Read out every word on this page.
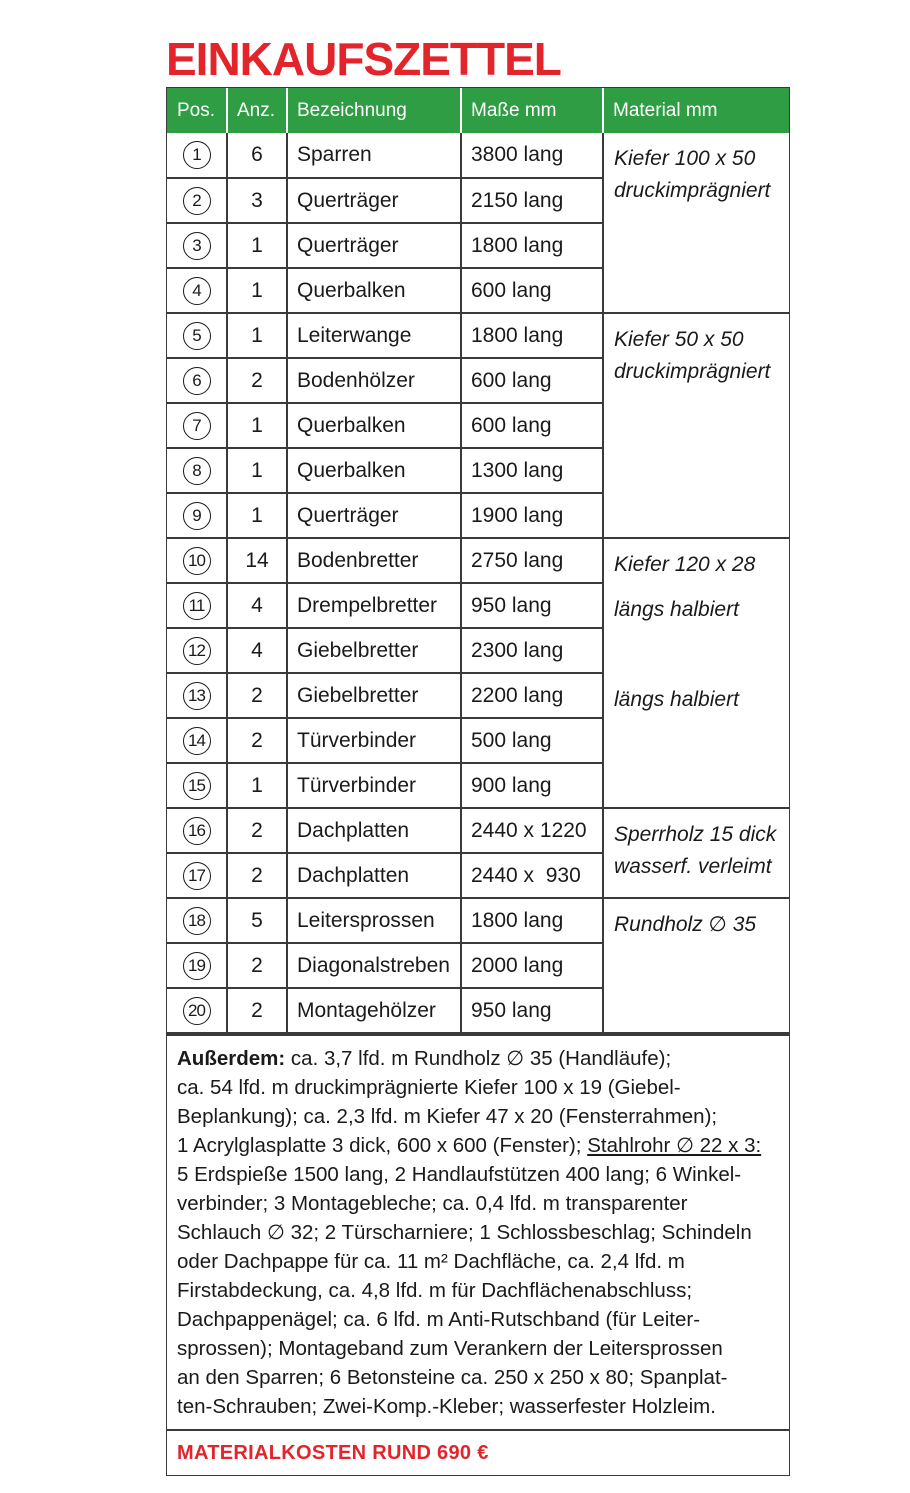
EINKAUFSZETTEL
Pos.	Anz.	Bezeichnung	Maße mm	Material mm
1	6	Sparren	3800 lang	Kiefer 100 x 50
druckimprägniert

2	3	Querträger	2150 lang	
3	1	Querträger	1800 lang	
4	1	Querbalken	600 lang	
5	1	Leiterwange	1800 lang	Kiefer 50 x 50
druckimprägniert

6	2	Bodenhölzer	600 lang	
7	1	Querbalken	600 lang	
8	1	Querbalken	1300 lang	
9	1	Querträger	1900 lang	
10	14	Bodenbretter	2750 lang	Kiefer 120 x 28
längs halbiert
längs halbiert

11	4	Drempelbretter	950 lang	
12	4	Giebelbretter	2300 lang	
13	2	Giebelbretter	2200 lang	
14	2	Türverbinder	500 lang	
15	1	Türverbinder	900 lang	
16	2	Dachplatten	2440 x 1220	Sperrholz 15 dick
wasserf. verleimt

17	2	Dachplatten	2440 x  930	
18	5	Leitersprossen	1800 lang	Rundholz ∅ 35

19	2	Diagonalstreben	2000 lang	
20	2	Montagehölzer	950 lang	
Außerdem: ca. 3,7 lfd. m Rundholz ∅ 35 (Handläufe);
ca. 54 lfd. m druckimprägnierte Kiefer 100 x 19 (Giebel-
Beplankung); ca. 2,3 lfd. m Kiefer 47 x 20 (Fensterrahmen);
1 Acrylglasplatte 3 dick, 600 x 600 (Fenster); Stahlrohr ∅ 22 x 3:
5 Erdspieße 1500 lang, 2 Handlaufstützen 400 lang; 6 Winkel-
verbinder; 3 Montagebleche; ca. 0,4 lfd. m transparenter
Schlauch ∅ 32; 2 Türscharniere; 1 Schlossbeschlag; Schindeln
oder Dachpappe für ca. 11 m² Dachfläche, ca. 2,4 lfd. m
Firstabdeckung, ca. 4,8 lfd. m für Dachflächenabschluss;
Dachpappenägel; ca. 6 lfd. m Anti-Rutschband (für Leiter-
sprossen); Montageband zum Verankern der Leitersprossen
an den Sparren; 6 Betonsteine ca. 250 x 250 x 80; Spanplat-
ten-Schrauben; Zwei-Komp.-Kleber; wasserfester Holzleim.
MATERIALKOSTEN RUND 690 €
